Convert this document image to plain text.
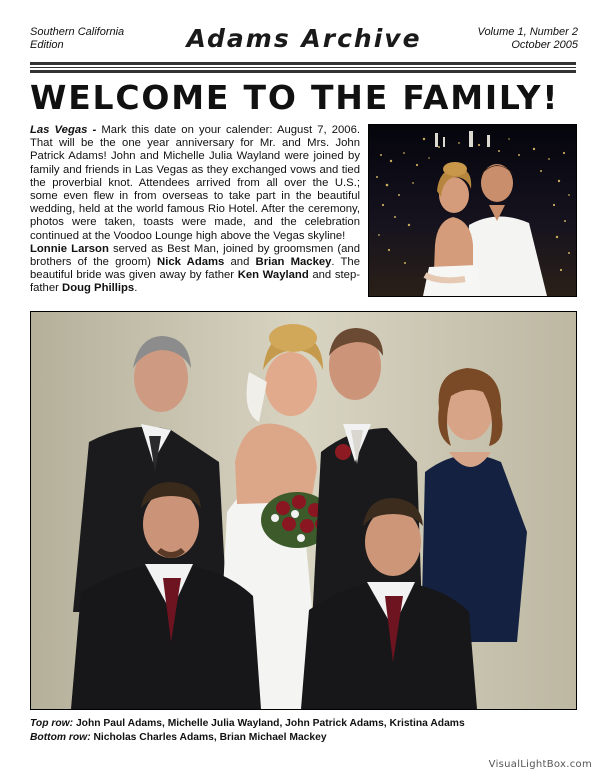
Southern California
Edition	Adams Archive	Volume 1, Number 2
October 2005
WELCOME TO THE FAMILY!
Las Vegas - Mark this date on your calender: August 7, 2006. That will be the one year anniversary for Mr. and Mrs. John Patrick Adams! John and Michelle Julia Wayland were joined by family and friends in Las Vegas as they exchanged vows and tied the proverbial knot. Attendees arrived from all over the U.S.; some even flew in from overseas to take part in the beautiful wedding, held at the world famous Rio Hotel. After the ceremony, photos were taken, toasts were made, and the celebration continued at the Voodoo Lounge high above the Vegas skyline!
Lonnie Larson served as Best Man, joined by groomsmen (and brothers of the groom) Nick Adams and Brian Mackey. The beautiful bride was given away by father Ken Wayland and step-father Doug Phillips.
Top row: John Paul Adams, Michelle Julia Wayland, John Patrick Adams, Kristina Adams
Bottom row: Nicholas Charles Adams, Brian Michael Mackey
VisualLightBox.com
